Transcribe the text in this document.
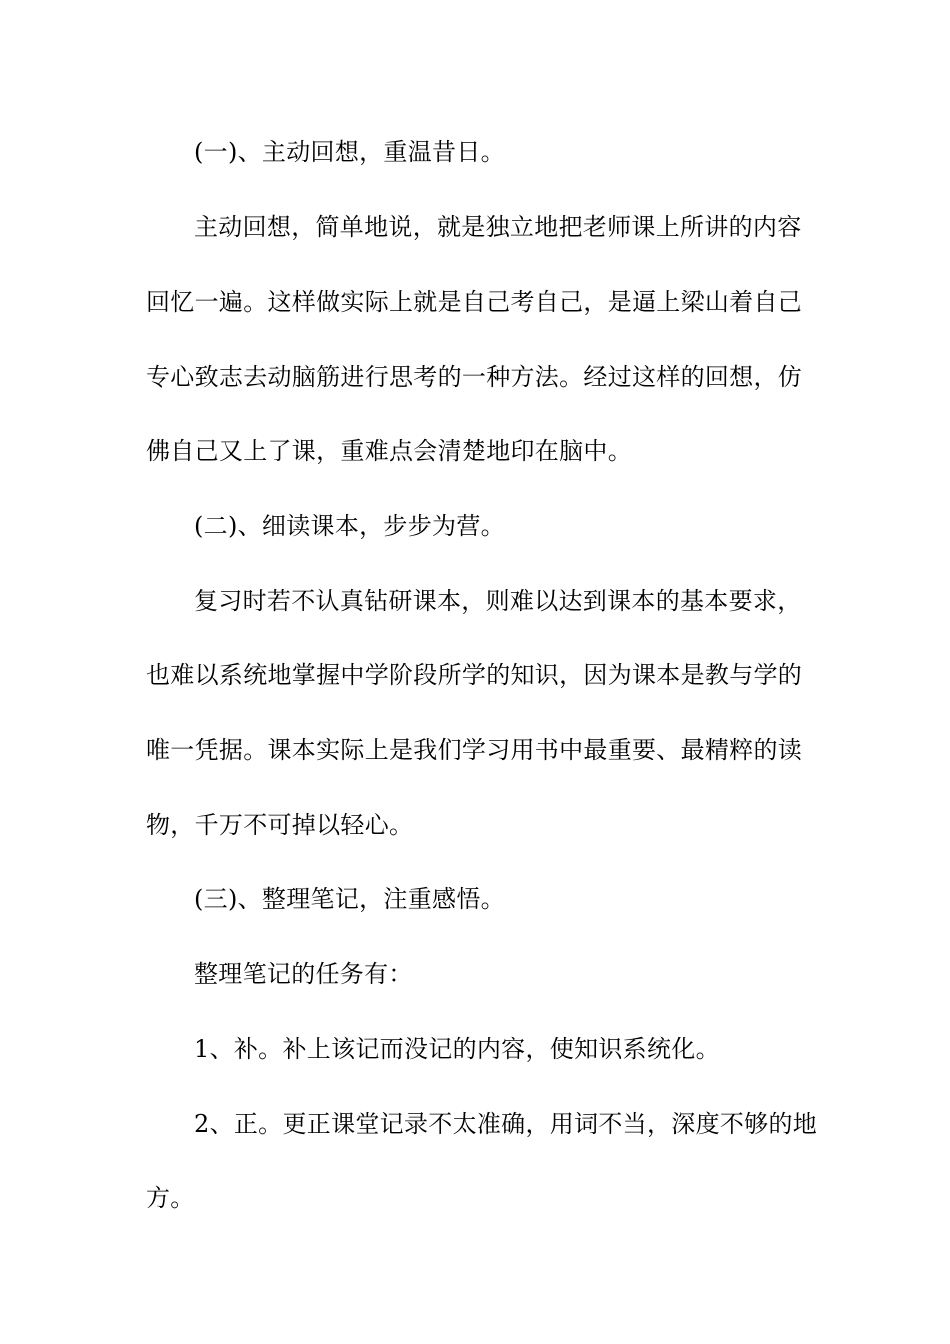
(一)、主动回想，重温昔日。
主动回想，简单地说，就是独立地把老师课上所讲的内容
回忆一遍。这样做实际上就是自己考自己，是逼上梁山着自己
专心致志去动脑筋进行思考的一种方法。经过这样的回想，仿
佛自己又上了课，重难点会清楚地印在脑中。
(二)、细读课本，步步为营。
复习时若不认真钻研课本，则难以达到课本的基本要求，
也难以系统地掌握中学阶段所学的知识，因为课本是教与学的
唯一凭据。课本实际上是我们学习用书中最重要、最精粹的读
物，千万不可掉以轻心。
(三)、整理笔记，注重感悟。
整理笔记的任务有：
1、补。补上该记而没记的内容，使知识系统化。
2、正。更正课堂记录不太准确，用词不当，深度不够的地
方。
